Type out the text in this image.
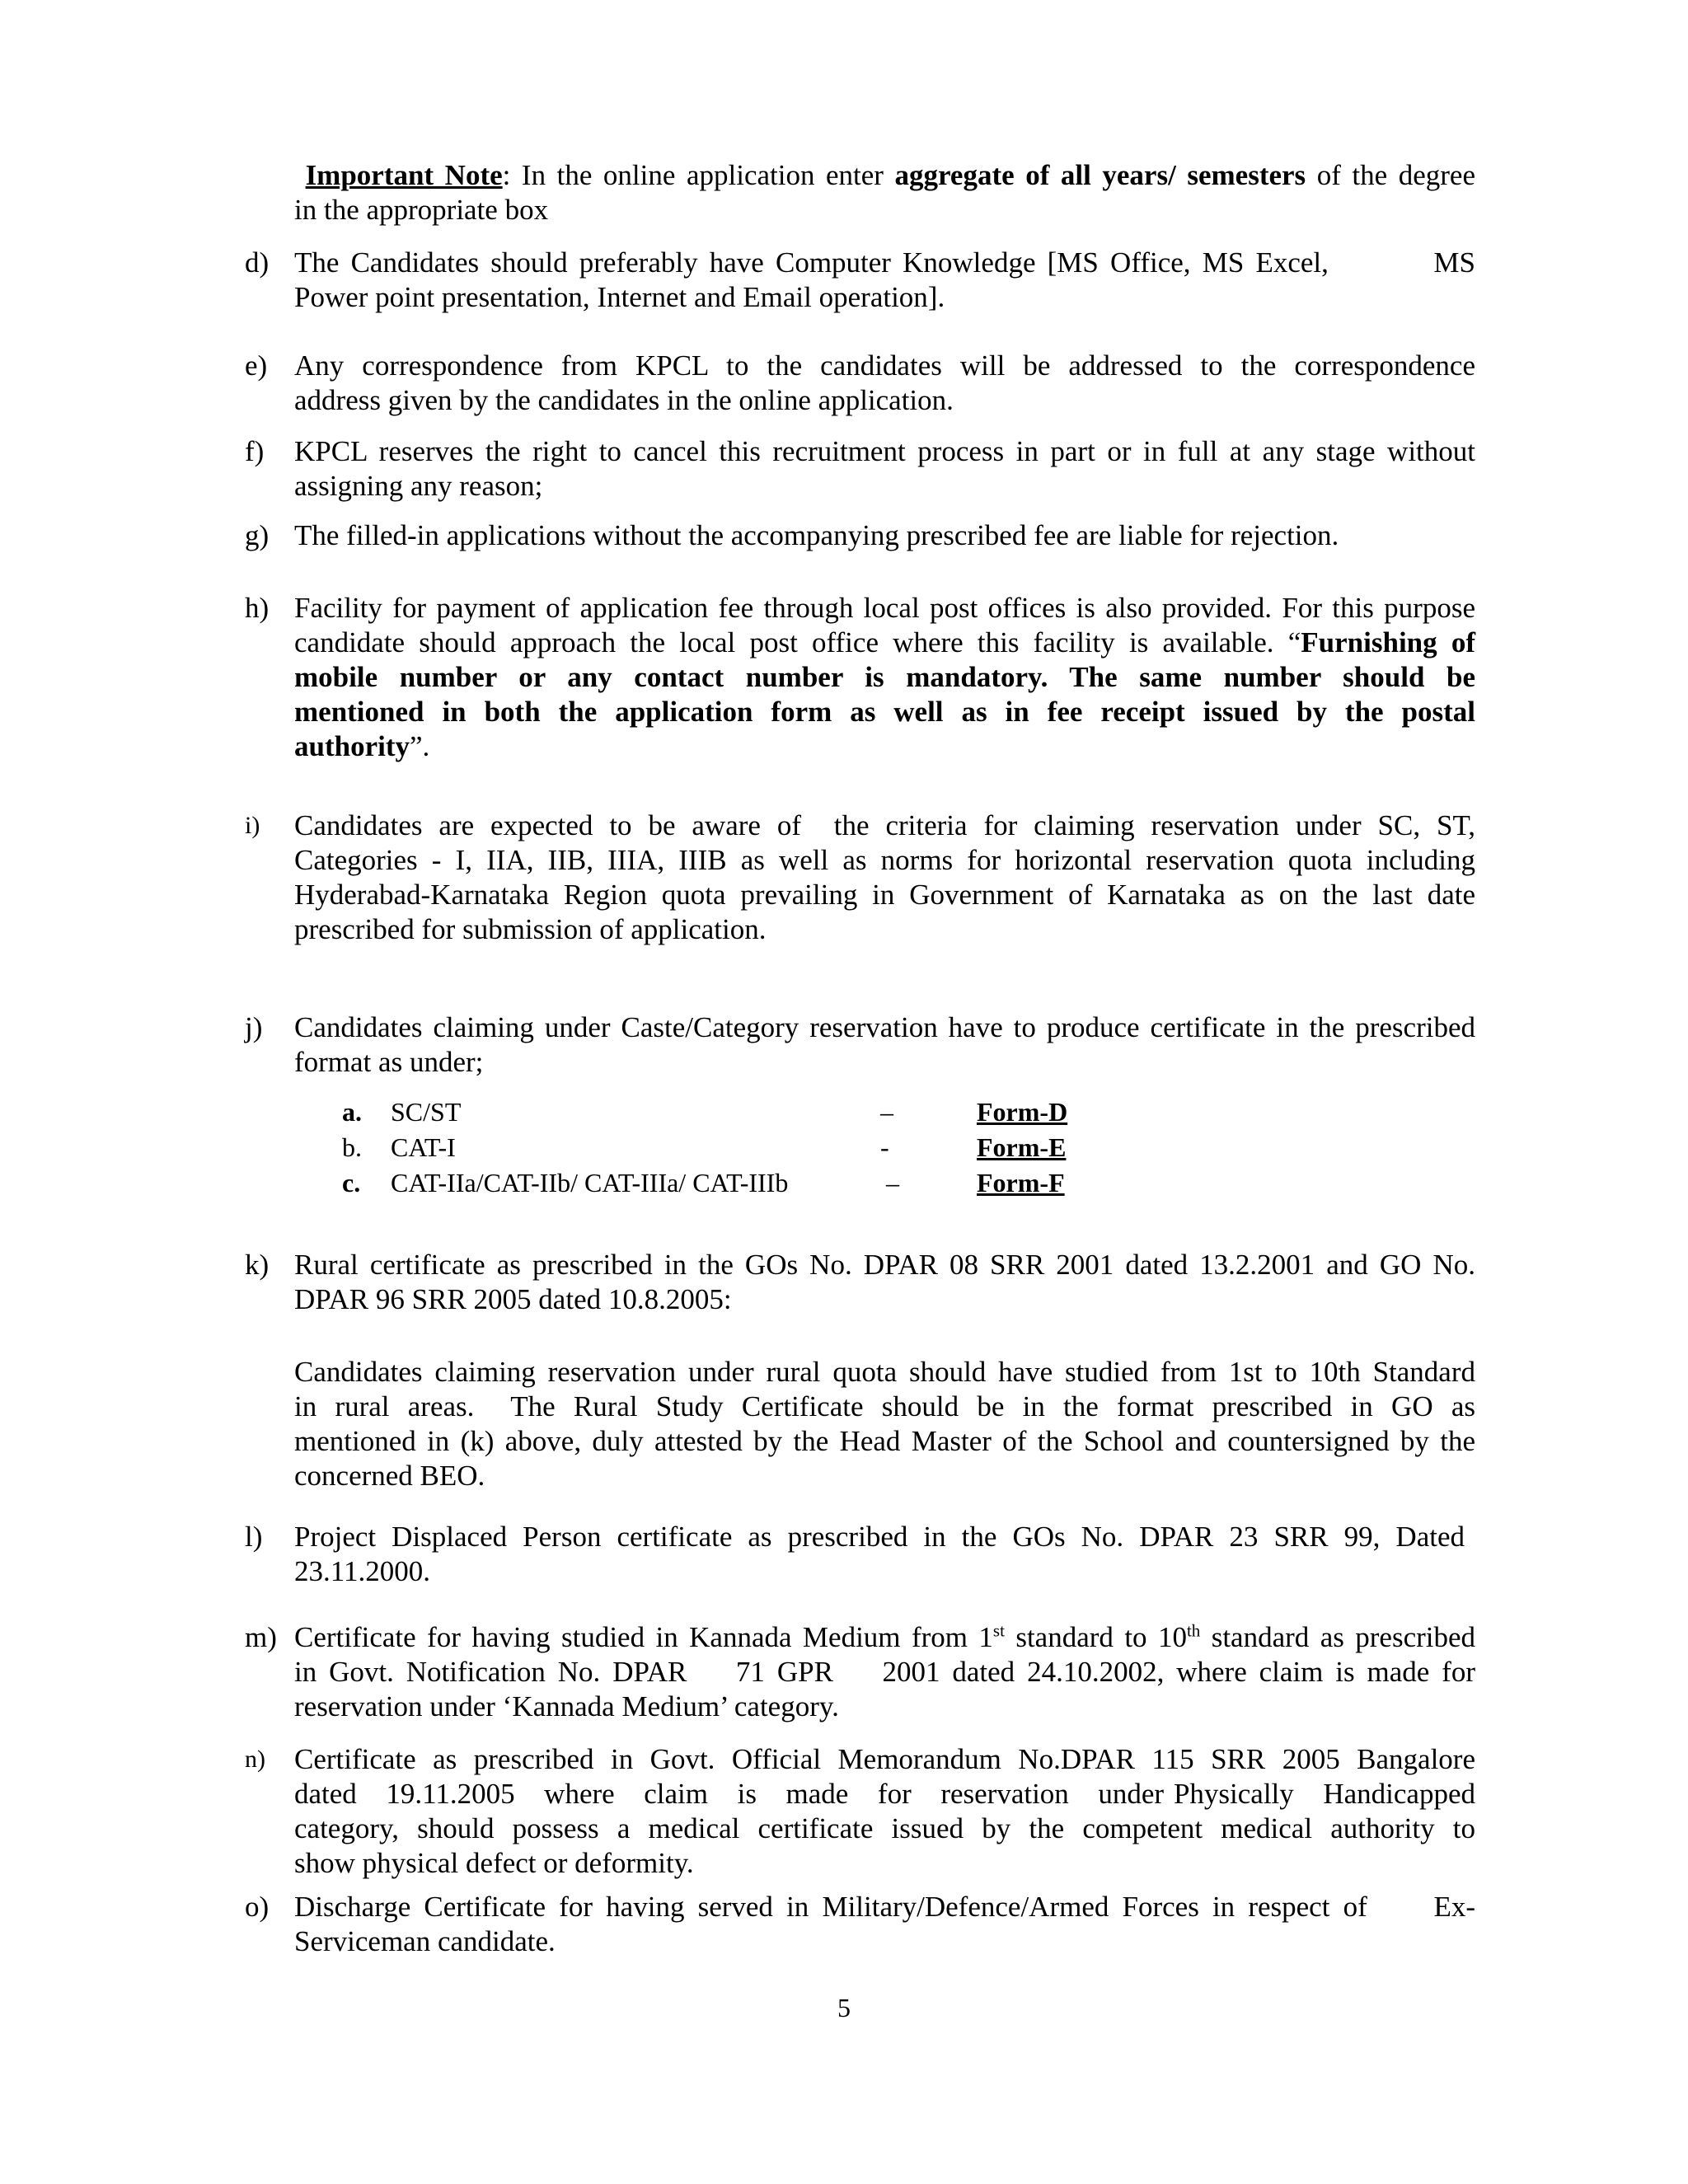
Important Note: In the online application enter aggregate of all years/ semesters of the degree
in the appropriate box
d) The Candidates should preferably have Computer Knowledge [MS Office, MS Excel,         MS
Power point presentation, Internet and Email operation].
e) Any correspondence from KPCL to the candidates will be addressed to the correspondence
address given by the candidates in the online application.
f) KPCL reserves the right to cancel this recruitment process in part or in full at any stage without
assigning any reason;
g) The filled-in applications without the accompanying prescribed fee are liable for rejection.
h) Facility for payment of application fee through local post offices is also provided. For this purpose
candidate should approach the local post office where this facility is available. “Furnishing of
mobile number or any contact number is mandatory. The same number should be
mentioned in both the application form as well as in fee receipt issued by the postal
authority”.
i) Candidates are expected to be aware of  the criteria for claiming reservation under SC, ST,
Categories - I, IIA, IIB, IIIA, IIIB as well as norms for horizontal reservation quota including
Hyderabad-Karnataka Region quota prevailing in Government of Karnataka as on the last date
prescribed for submission of application.
j) Candidates claiming under Caste/Category reservation have to produce certificate in the prescribed
format as under;
a. SC/ST	–	Form-D
b. CAT-I	-	Form-E
c. CAT-IIa/CAT-IIb/ CAT-IIIa/ CAT-IIIb	–	Form-F
k) Rural certificate as prescribed in the GOs No. DPAR 08 SRR 2001 dated 13.2.2001 and GO No.
DPAR 96 SRR 2005 dated 10.8.2005:
Candidates claiming reservation under rural quota should have studied from 1st to 10th Standard
in rural areas.  The Rural Study Certificate should be in the format prescribed in GO as
mentioned in (k) above, duly attested by the Head Master of the School and countersigned by the
concerned BEO.
l) Project Displaced Person certificate as prescribed in the GOs No. DPAR 23 SRR 99, Dated
23.11.2000.
m) Certificate for having studied in Kannada Medium from 1st standard to 10th standard as prescribed
in Govt. Notification No. DPAR    71 GPR    2001 dated 24.10.2002, where claim is made for
reservation under ‘Kannada Medium’ category.
n) Certificate as prescribed in Govt. Official Memorandum No.DPAR 115 SRR 2005 Bangalore
dated   19.11.2005   where   claim   is   made   for   reservation   under Physically   Handicapped
category, should possess a medical certificate issued by the competent medical authority to
show physical defect or deformity.
o) Discharge Certificate for having served in Military/Defence/Armed Forces in respect of     Ex-
Serviceman candidate.
5
